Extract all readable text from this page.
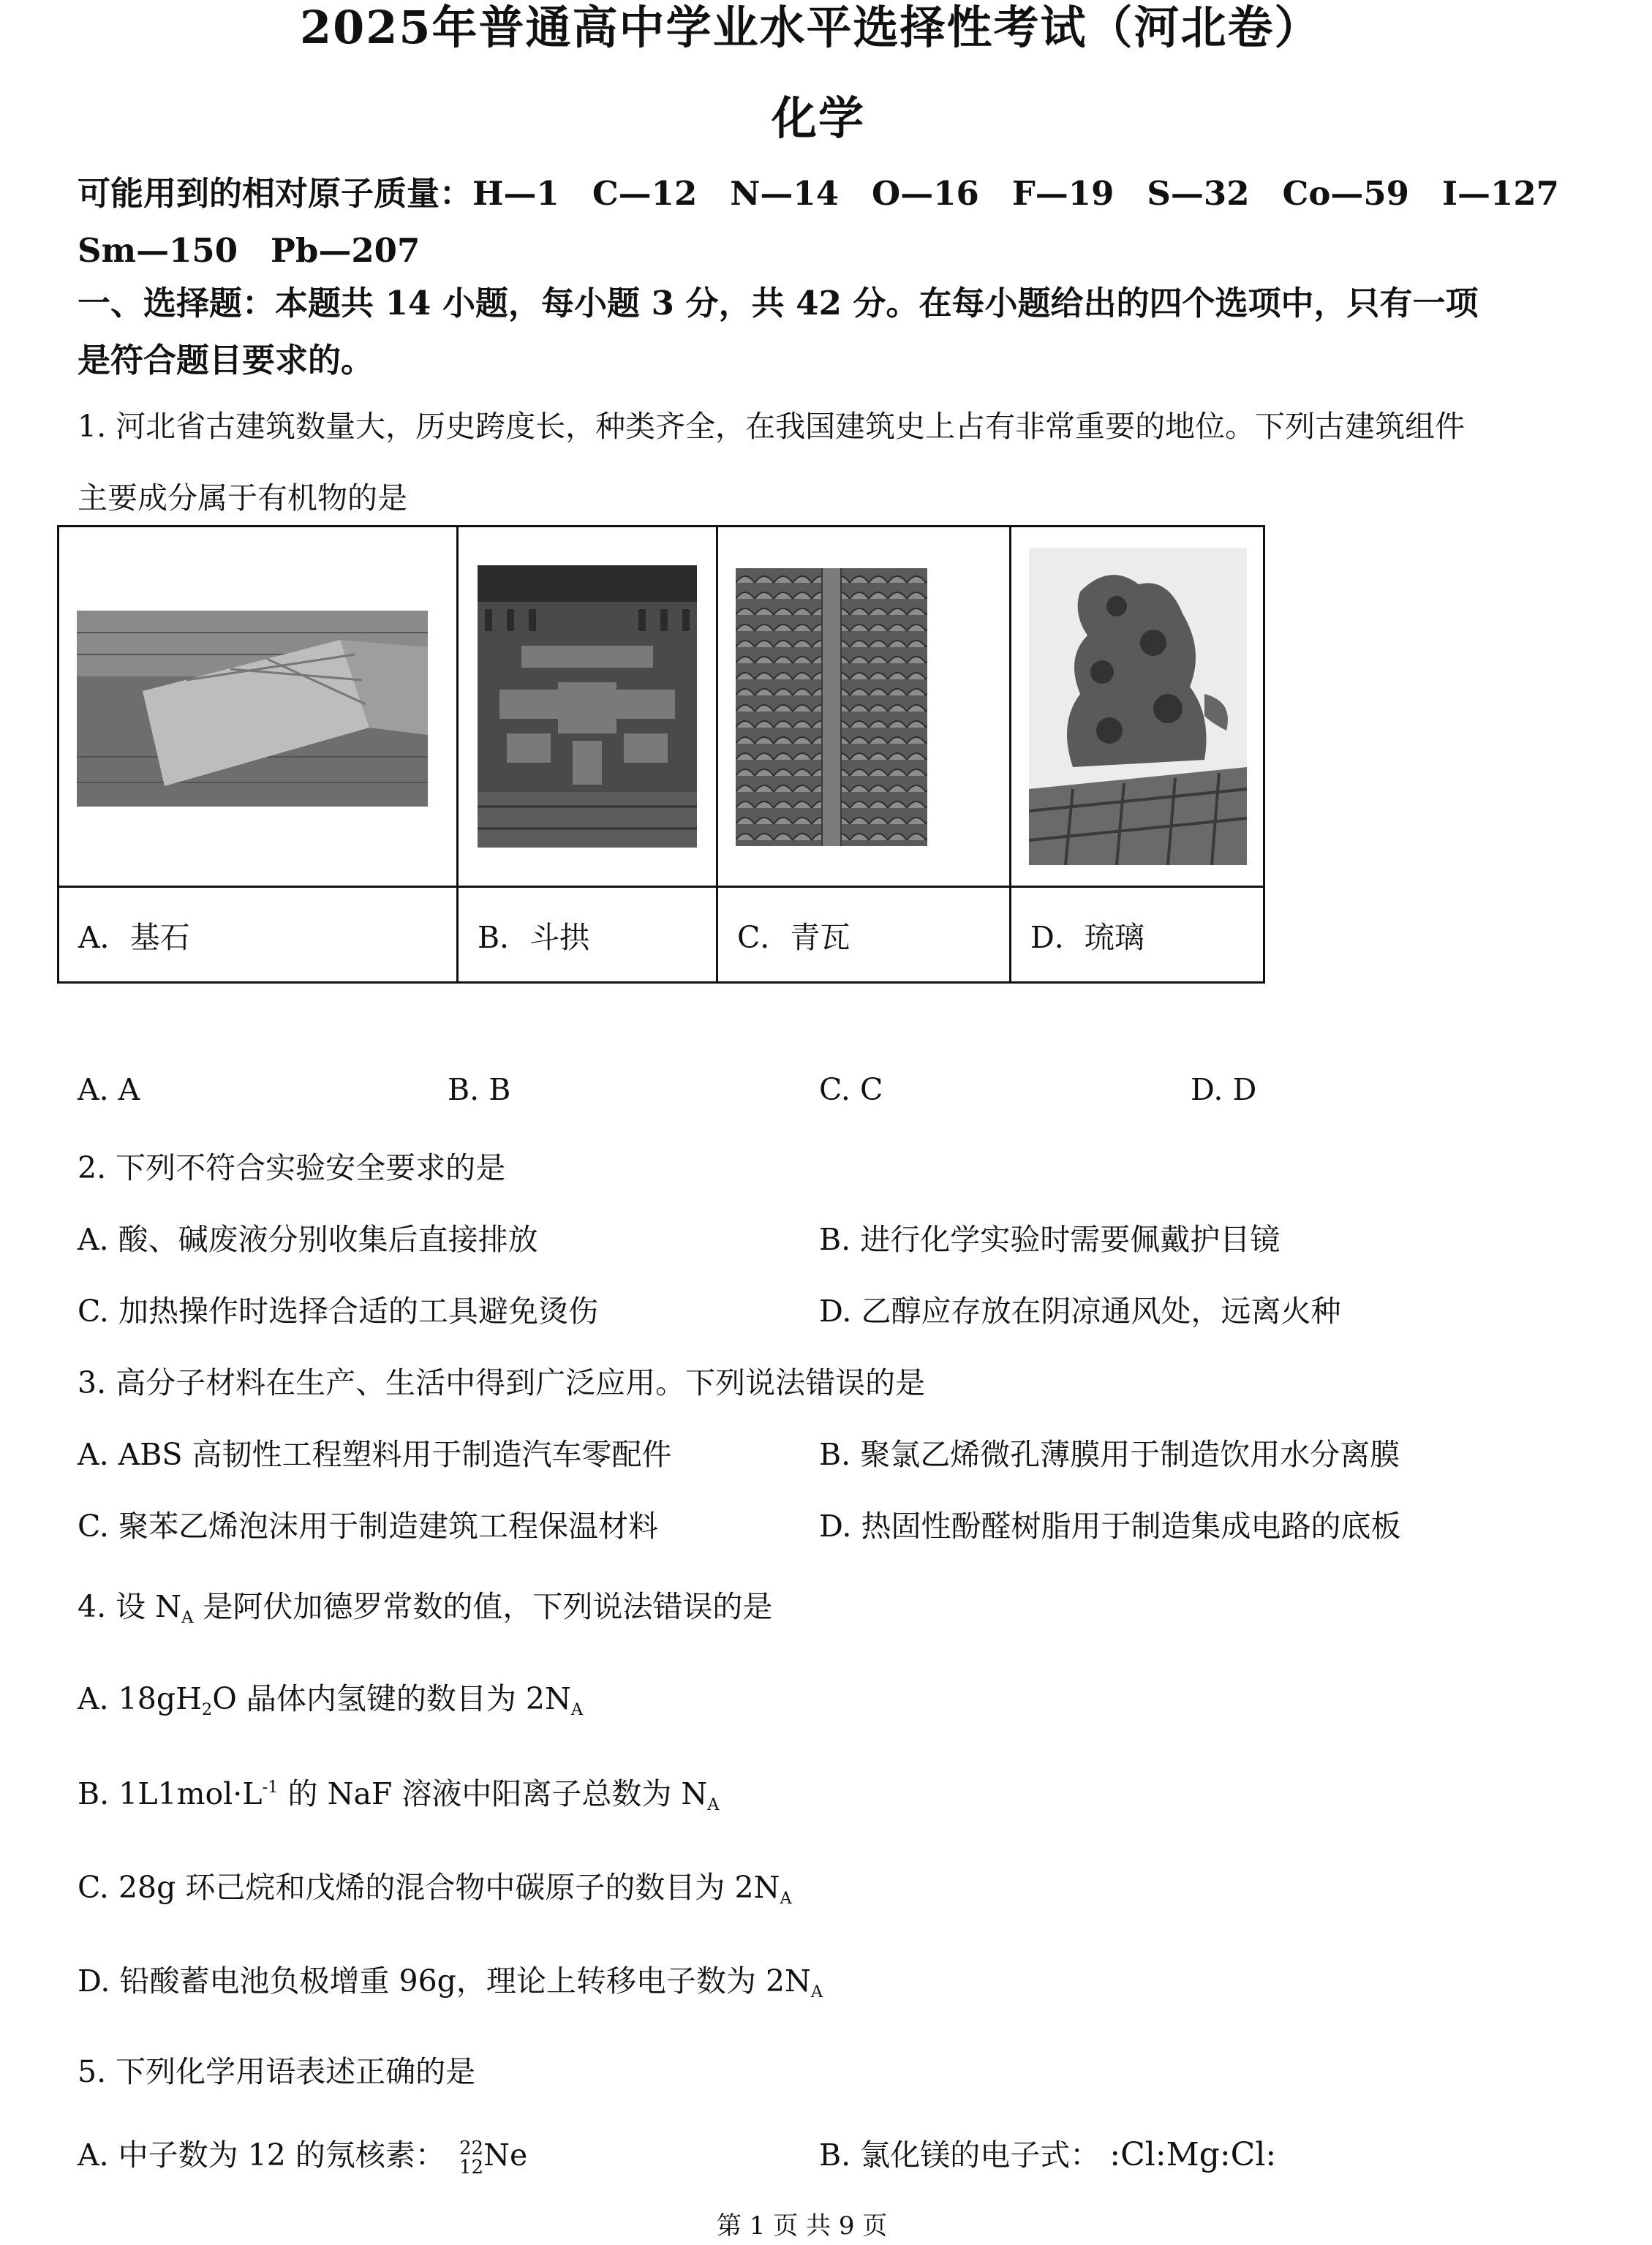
2025年普通高中学业水平选择性考试（河北卷）
化学
可能用到的相对原子质量：H—1　C—12　N—14　O—16　F—19　S—32　Co—59　I—127
Sm—150　Pb—207
一、选择题：本题共 14 小题，每小题 3 分，共 42 分。在每小题给出的四个选项中，只有一项
是符合题目要求的。
1. 河北省古建筑数量大，历史跨度长，种类齐全，在我国建筑史上占有非常重要的地位。下列古建筑组件
主要成分属于有机物的是

A．基石	B．斗拱	C．青瓦	D．琉璃
A. A	B. B	C. C	D. D
2. 下列不符合实验安全要求的是
A. 酸、碱废液分别收集后直接排放	B. 进行化学实验时需要佩戴护目镜
C. 加热操作时选择合适的工具避免烫伤	D. 乙醇应存放在阴凉通风处，远离火种
3. 高分子材料在生产、生活中得到广泛应用。下列说法错误的是
A. ABS 高韧性工程塑料用于制造汽车零配件	B. 聚氯乙烯微孔薄膜用于制造饮用水分离膜
C. 聚苯乙烯泡沫用于制造建筑工程保温材料	D. 热固性酚醛树脂用于制造集成电路的底板
4. 设 $N_A$ 是阿伏加德罗常数的值，下列说法错误的是
A. $18gH_2O$ 晶体内氢键的数目为 $2N_A$
B. $1L1mol\cdot L^{-1}$ 的 NaF 溶液中阳离子总数为 $N_A$
C. 28g 环己烷和戊烯的混合物中碳原子的数目为 $2N_A$
D. 铅酸蓄电池负极增重 96g，理论上转移电子数为 $2N_A$
5. 下列化学用语表述正确的是
A. 中子数为 12 的氖核素： 22
12 Ne	B. 氯化镁的电子式： :Cl:Mg:Cl:
第 1 页 共 9 页
